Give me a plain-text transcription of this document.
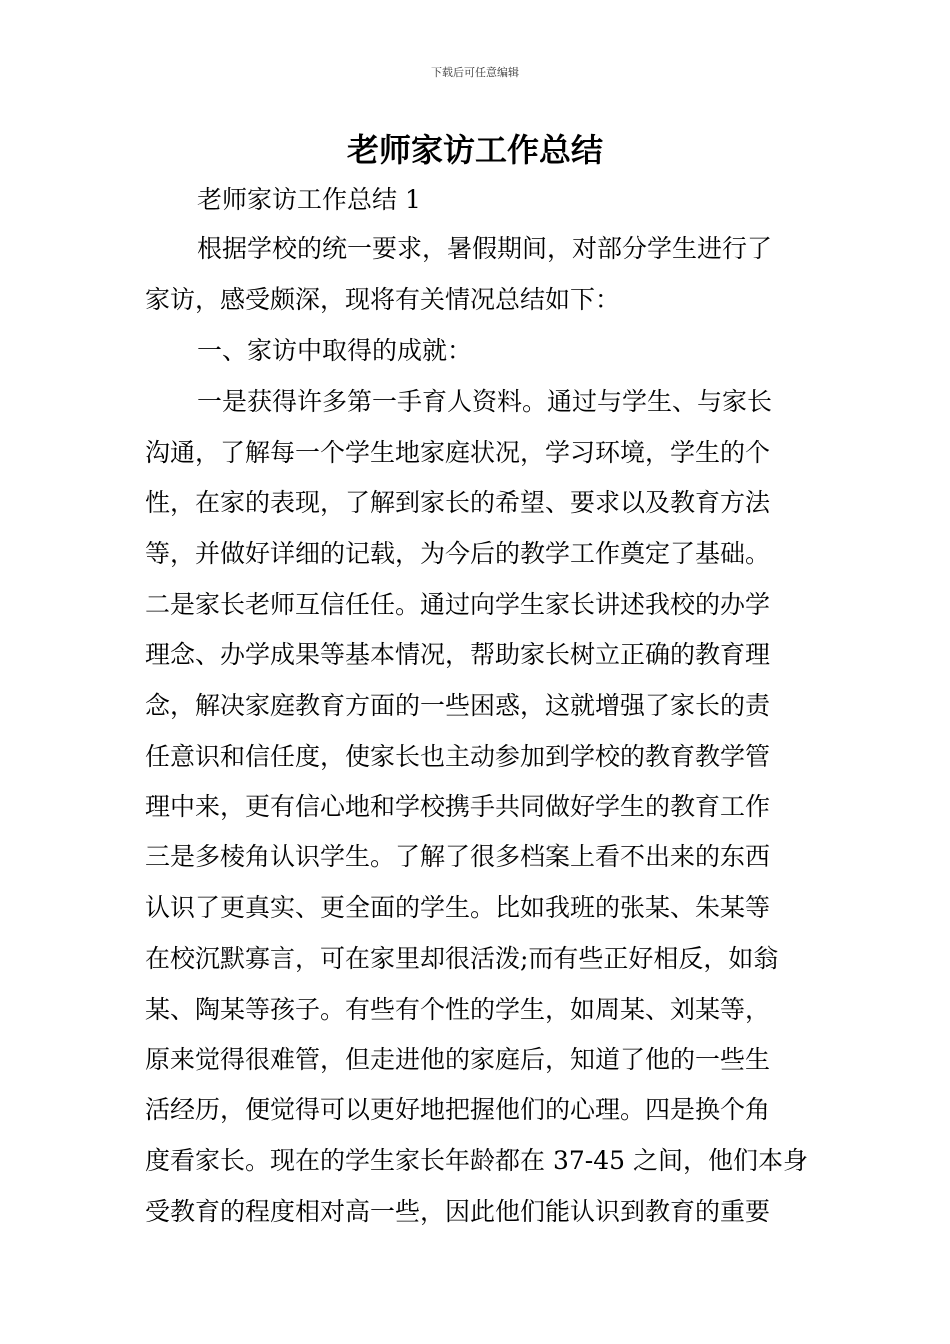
下载后可任意编辑
老师家访工作总结
老师家访工作总结 1
根据学校的统一要求，暑假期间，对部分学生进行了
家访，感受颇深，现将有关情况总结如下：
一、家访中取得的成就：
一是获得许多第一手育人资料。通过与学生、与家长
沟通，了解每一个学生地家庭状况，学习环境，学生的个
性，在家的表现，了解到家长的希望、要求以及教育方法
等，并做好详细的记载，为今后的教学工作奠定了基础。
二是家长老师互信任任。通过向学生家长讲述我校的办学
理念、办学成果等基本情况，帮助家长树立正确的教育理
念，解决家庭教育方面的一些困惑，这就增强了家长的责
任意识和信任度，使家长也主动参加到学校的教育教学管
理中来，更有信心地和学校携手共同做好学生的教育工作
三是多棱角认识学生。了解了很多档案上看不出来的东西
认识了更真实、更全面的学生。比如我班的张某、朱某等
在校沉默寡言，可在家里却很活泼;而有些正好相反，如翁
某、陶某等孩子。有些有个性的学生，如周某、刘某等，
原来觉得很难管，但走进他的家庭后，知道了他的一些生
活经历，便觉得可以更好地把握他们的心理。四是换个角
度看家长。现在的学生家长年龄都在 37-45 之间，他们本身
受教育的程度相对高一些，因此他们能认识到教育的重要
